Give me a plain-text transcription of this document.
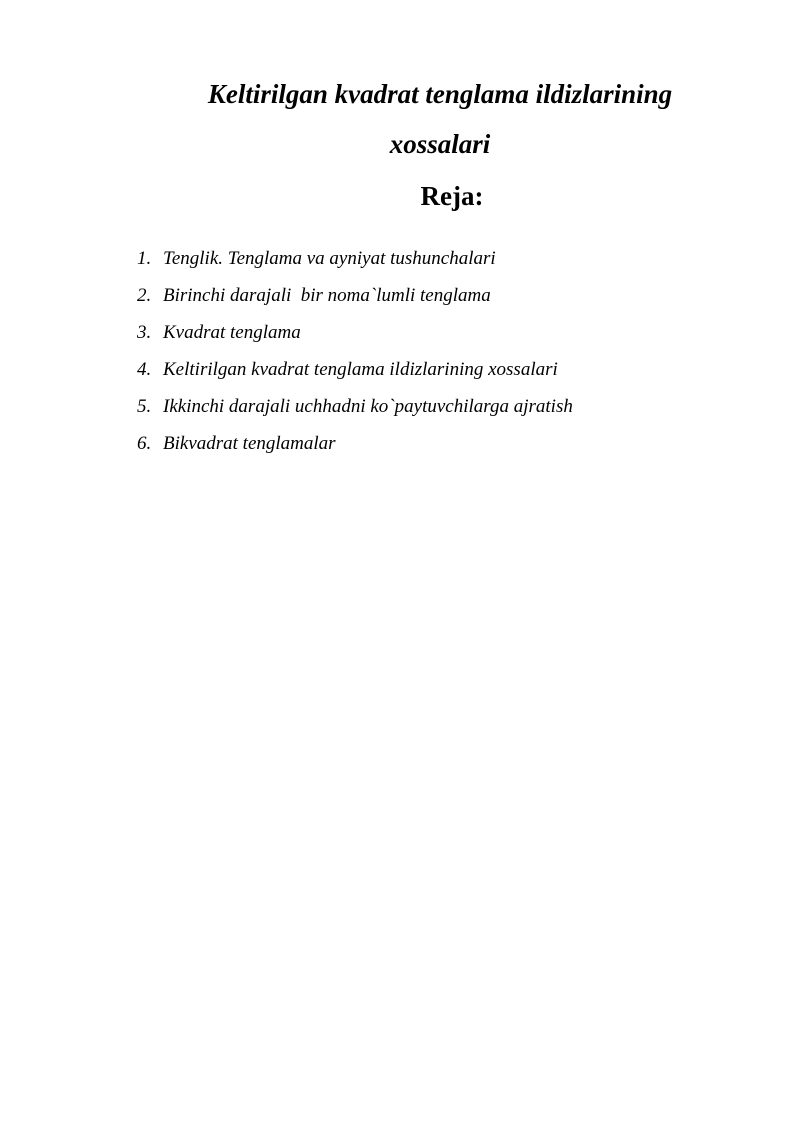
Keltirilgan kvadrat tenglama ildizlarining
xossalari
Reja:
1. Tenglik. Tenglama va ayniyat tushunchalari
2. Birinchi darajali  bir noma`lumli tenglama
3. Kvadrat tenglama
4. Keltirilgan kvadrat tenglama ildizlarining xossalari
5. Ikkinchi darajali uchhadni ko`paytuvchilarga ajratish
6. Bikvadrat tenglamalar
